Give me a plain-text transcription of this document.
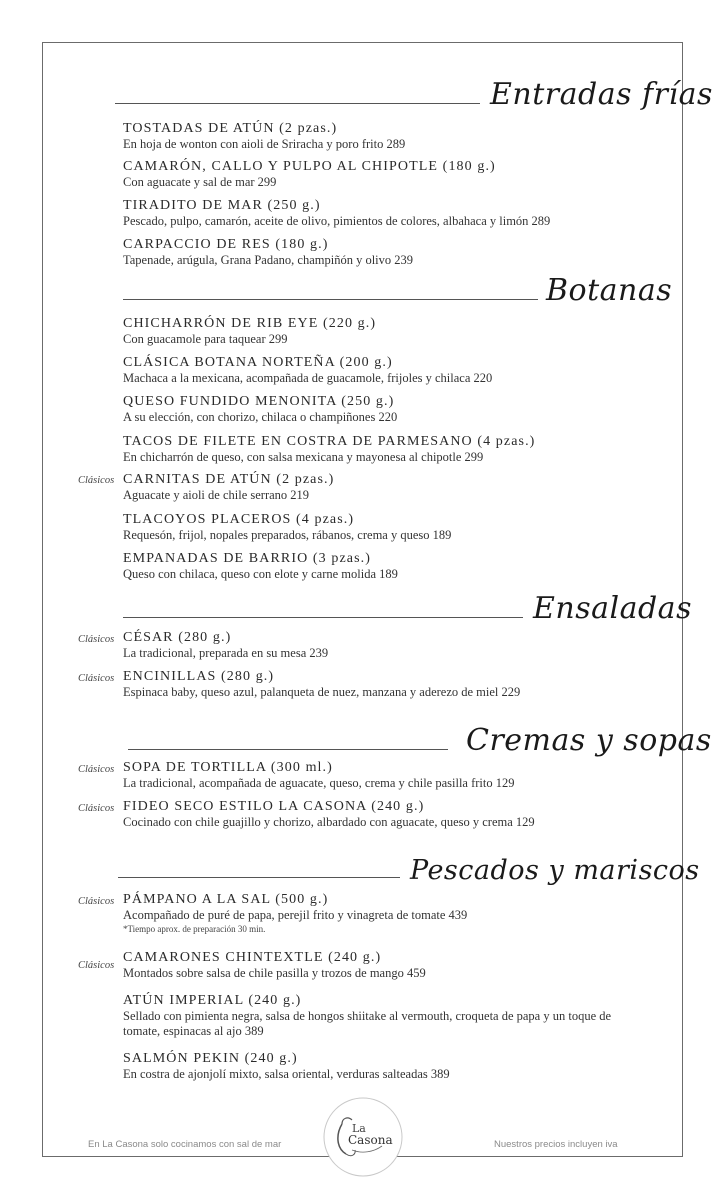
Entradas frías
TOSTADAS DE ATÚN (2 pzas.)
En hoja de wonton con aioli de Sriracha y poro frito 289
CAMARÓN, CALLO Y PULPO AL CHIPOTLE (180 g.)
Con aguacate y sal de mar 299
TIRADITO DE MAR (250 g.)
Pescado, pulpo, camarón, aceite de olivo, pimientos de colores, albahaca y limón 289
CARPACCIO DE RES (180 g.)
Tapenade, arúgula, Grana Padano, champiñón y olivo 239
Botanas
CHICHARRÓN DE RIB EYE (220 g.)
Con guacamole para taquear 299
CLÁSICA BOTANA NORTEÑA (200 g.)
Machaca a la mexicana, acompañada de guacamole, frijoles y chilaca 220
QUESO FUNDIDO MENONITA (250 g.)
A su elección, con chorizo, chilaca o champiñones 220
TACOS DE FILETE EN COSTRA DE PARMESANO (4 pzas.)
En chicharrón de queso, con salsa mexicana y mayonesa al chipotle 299
Clásicos CARNITAS DE ATÚN (2 pzas.)
Aguacate y aioli de chile serrano 219
TLACOYOS PLACEROS (4 pzas.)
Requesón, frijol, nopales preparados, rábanos, crema y queso 189
EMPANADAS DE BARRIO (3 pzas.)
Queso con chilaca, queso con elote y carne molida 189
Ensaladas
Clásicos CÉSAR (280 g.)
La tradicional, preparada en su mesa 239
Clásicos ENCINILLAS (280 g.)
Espinaca baby, queso azul, palanqueta de nuez, manzana y aderezo de miel 229
Cremas y sopas
Clásicos SOPA DE TORTILLA (300 ml.)
La tradicional, acompañada de aguacate, queso, crema y chile pasilla frito 129
Clásicos FIDEO SECO ESTILO LA CASONA (240 g.)
Cocinado con chile guajillo y chorizo, albardado con aguacate, queso y crema 129
Pescados y mariscos
Clásicos PÁMPANO A LA SAL (500 g.)
Acompañado de puré de papa, perejil frito y vinagreta de tomate 439
*Tiempo aprox. de preparación 30 min.
Clásicos
CAMARONES CHINTEXTLE (240 g.)
Montados sobre salsa de chile pasilla y trozos de mango 459
ATÚN IMPERIAL (240 g.)
Sellado con pimienta negra, salsa de hongos shiitake al vermouth, croqueta de papa y un toque de tomate, espinacas al ajo 389
SALMÓN PEKIN (240 g.)
En costra de ajonjolí mixto, salsa oriental, verduras salteadas 389
En La Casona solo cocinamos con sal de mar	Nuestros precios incluyen iva
La
Casona
